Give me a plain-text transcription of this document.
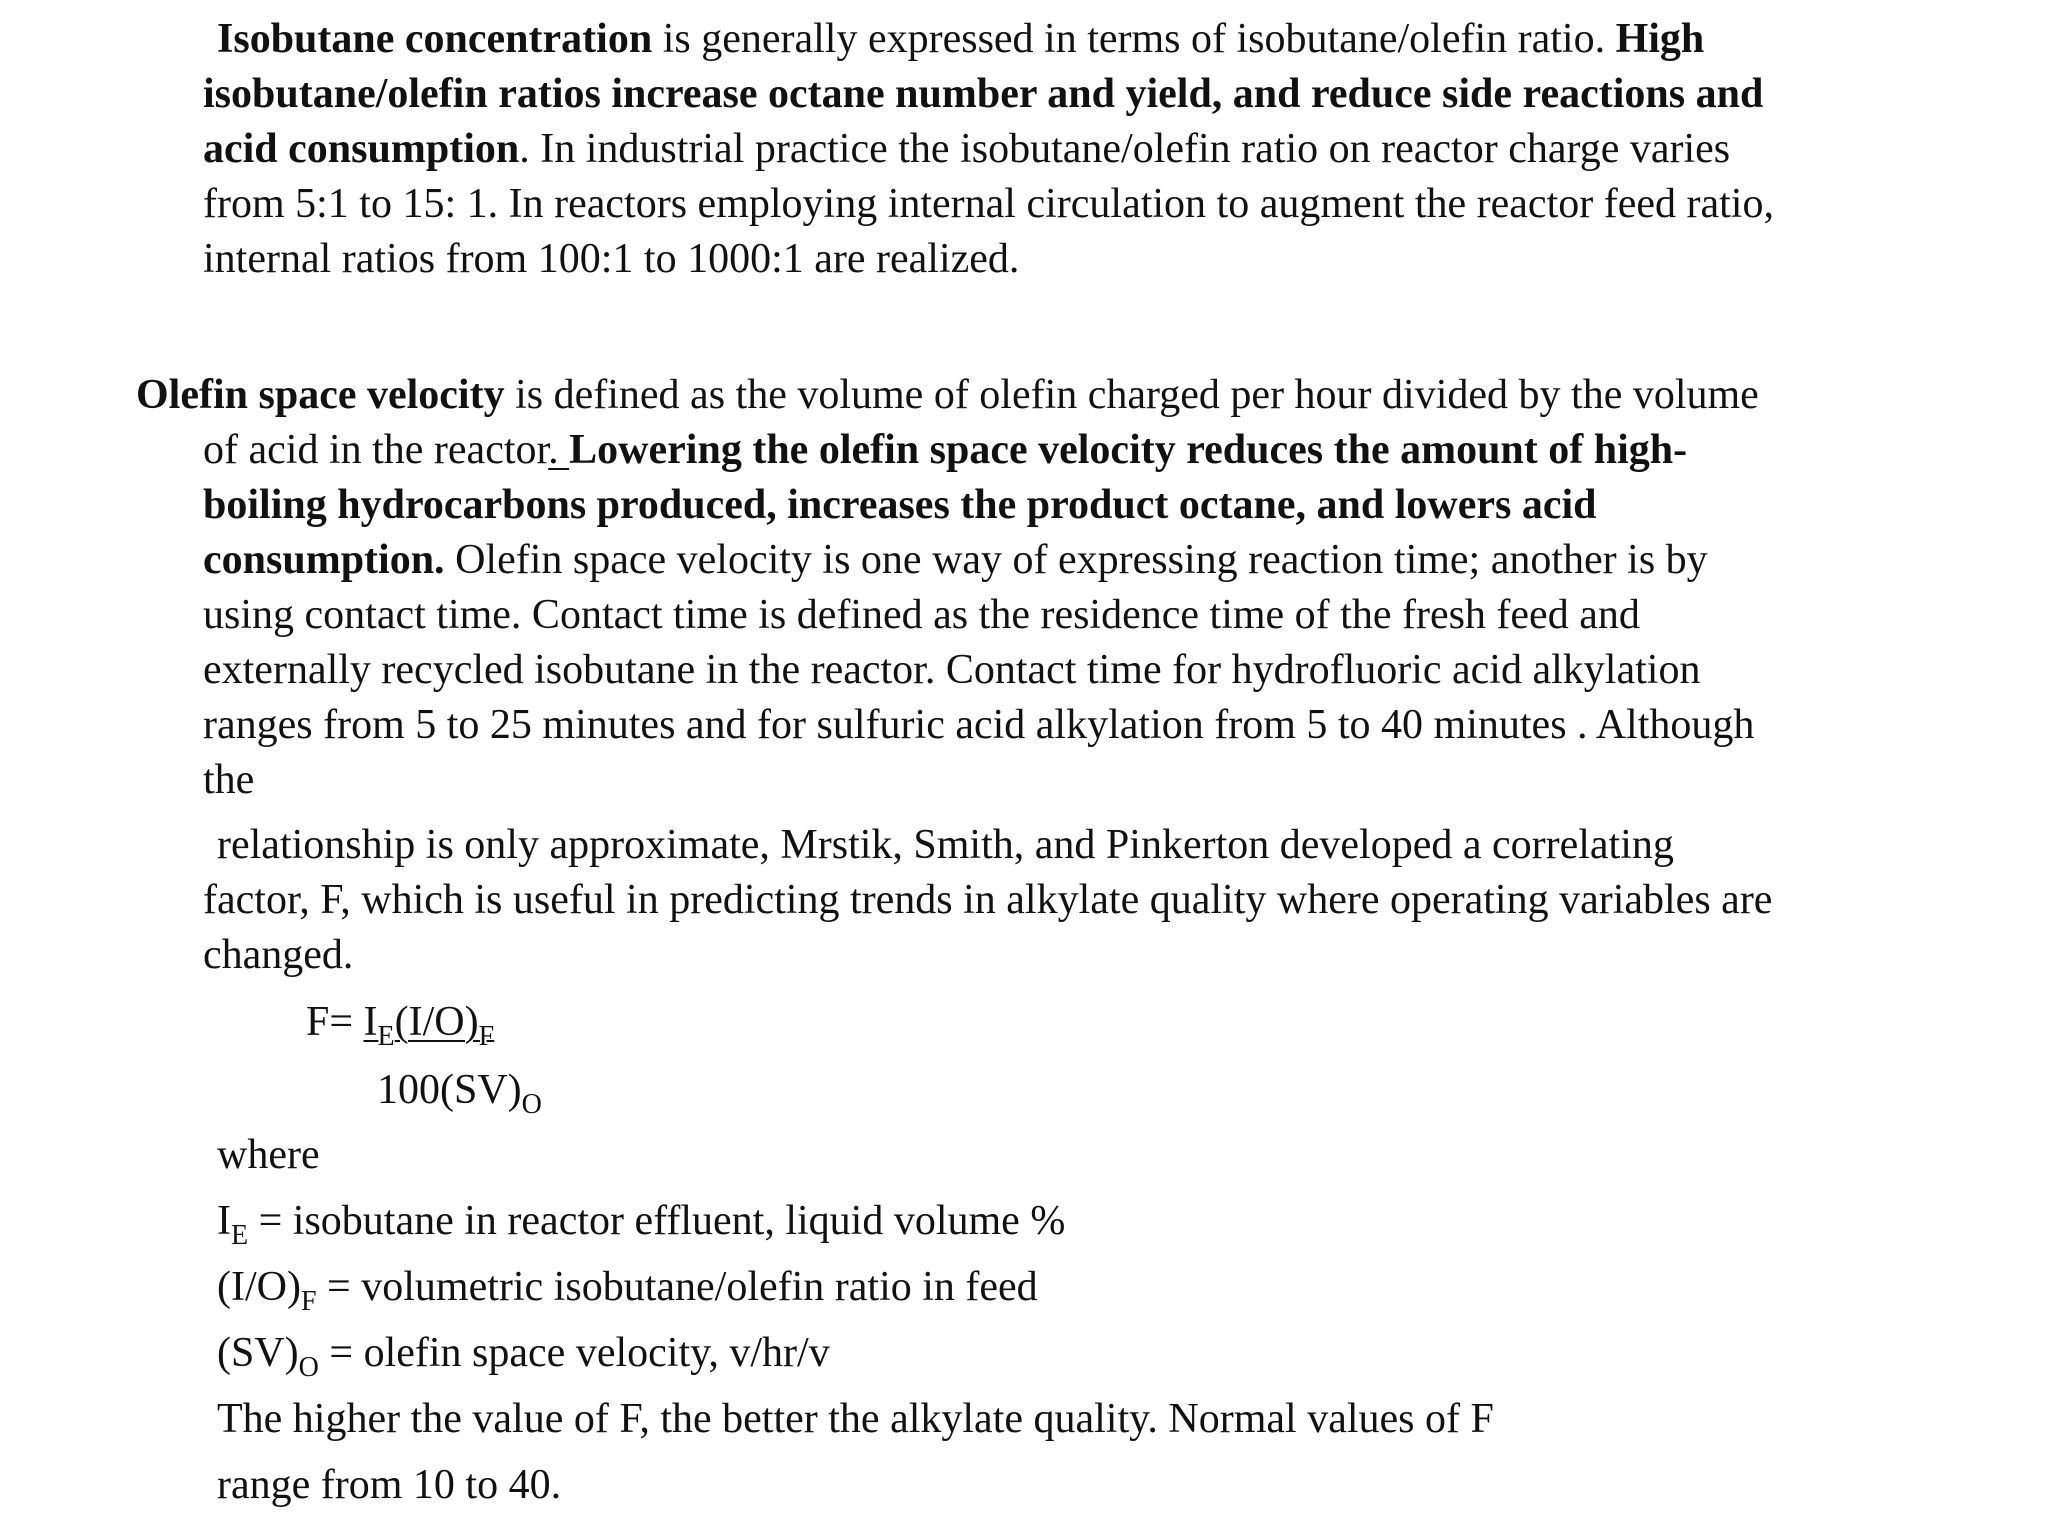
Isobutane concentration is generally expressed in terms of isobutane/olefin ratio. High
isobutane/olefin ratios increase octane number and yield, and reduce side reactions and
acid consumption. In industrial practice the isobutane/olefin ratio on reactor charge varies
from 5:1 to 15: 1. In reactors employing internal circulation to augment the reactor feed ratio,
internal ratios from 100:1 to 1000:1 are realized.
Olefin space velocity is defined as the volume of olefin charged per hour divided by the volume
of acid in the reactor. Lowering the olefin space velocity reduces the amount of high-
boiling hydrocarbons produced, increases the product octane, and lowers acid
consumption. Olefin space velocity is one way of expressing reaction time; another is by
using contact time. Contact time is defined as the residence time of the fresh feed and
externally recycled isobutane in the reactor. Contact time for hydrofluoric acid alkylation
ranges from 5 to 25 minutes and for sulfuric acid alkylation from 5 to 40 minutes . Although
the
relationship is only approximate, Mrstik, Smith, and Pinkerton developed a correlating
factor, F, which is useful in predicting trends in alkylate quality where operating variables are
changed.
$F= I_E(I/O)_F$
$100(SV)_O$
where
$I_E$ = isobutane in reactor effluent, liquid volume %
$(I/O)_F$ = volumetric isobutane/olefin ratio in feed
$(SV)_O$ = olefin space velocity, v/hr/v
The higher the value of F, the better the alkylate quality. Normal values of F
range from 10 to 40.
